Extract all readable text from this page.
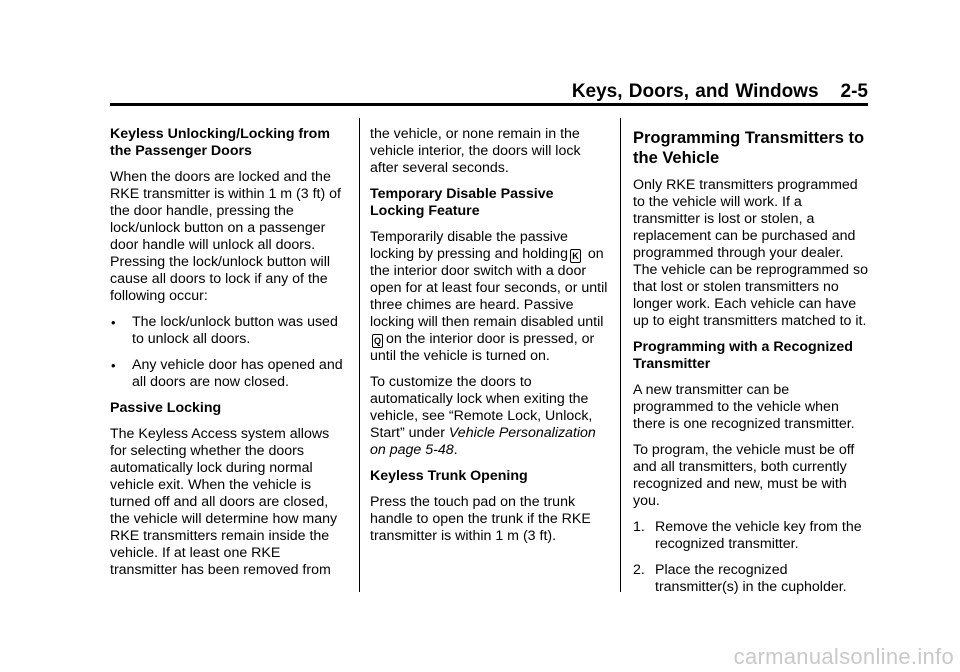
Keys, Doors, and Windows 2-5

Keyless Unlocking/Locking from the Passenger Doors

When the doors are locked and the RKE transmitter is within 1 m (3 ft) of the door handle, pressing the lock/unlock button on a passenger door handle will unlock all doors. Pressing the lock/unlock button will cause all doors to lock if any of the following occur:

• The lock/unlock button was used to unlock all doors.
• Any vehicle door has opened and all doors are now closed.

Passive Locking

The Keyless Access system allows for selecting whether the doors automatically lock during normal vehicle exit. When the vehicle is turned off and all doors are closed, the vehicle will determine how many RKE transmitters remain inside the vehicle. If at least one RKE transmitter has been removed from

the vehicle, or none remain in the vehicle interior, the doors will lock after several seconds.

Temporary Disable Passive Locking Feature

Temporarily disable the passive locking by pressing and holdingK on the interior door switch with a door open for at least four seconds, or until three chimes are heard. Passive locking will then remain disabled untilQon the interior door is pressed, or until the vehicle is turned on.

To customize the doors to automatically lock when exiting the vehicle, see “Remote Lock, Unlock, Start” under Vehicle Personalization on page 5-48.

Keyless Trunk Opening

Press the touch pad on the trunk handle to open the trunk if the RKE transmitter is within 1 m (3 ft).

Programming Transmitters to the Vehicle

Only RKE transmitters programmed to the vehicle will work. If a transmitter is lost or stolen, a replacement can be purchased and programmed through your dealer. The vehicle can be reprogrammed so that lost or stolen transmitters no longer work. Each vehicle can have up to eight transmitters matched to it.

Programming with a Recognized Transmitter

A new transmitter can be programmed to the vehicle when there is one recognized transmitter.

To program, the vehicle must be off and all transmitters, both currently recognized and new, must be with you.

1. Remove the vehicle key from the recognized transmitter.
2. Place the recognized transmitter(s) in the cupholder.
carmanualsonline.info
